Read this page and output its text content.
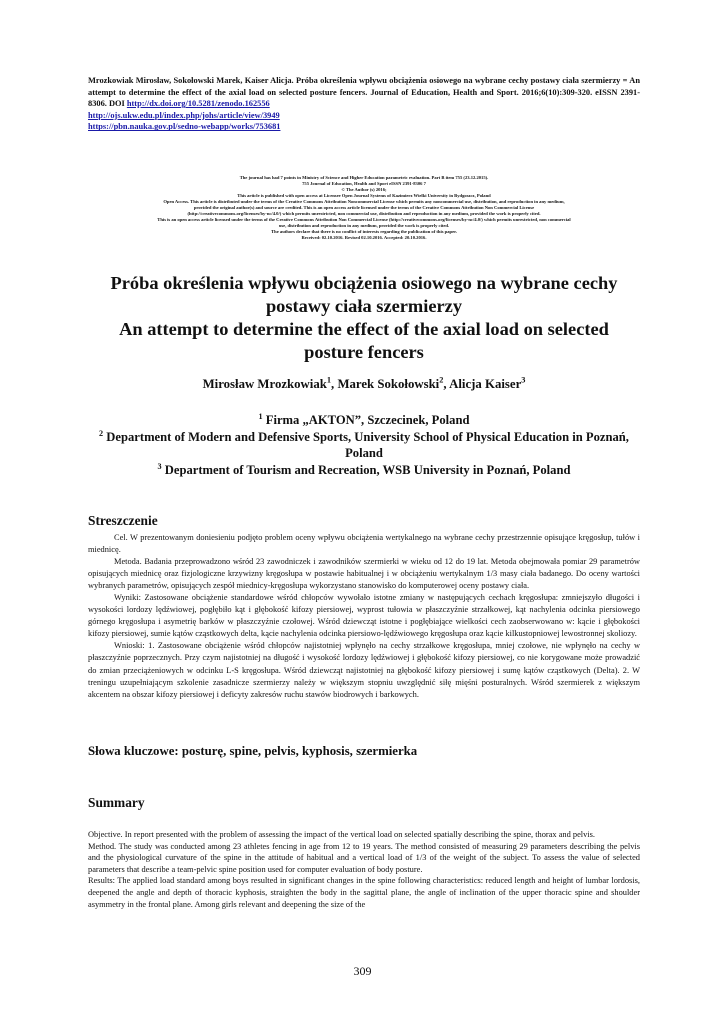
Mrozkowiak Mirosław, Sokołowski Marek, Kaiser Alicja. Próba określenia wpływu obciążenia osiowego na wybrane cechy postawy ciała szermierzy = An attempt to determine the effect of the axial load on selected posture fencers. Journal of Education, Health and Sport. 2016;6(10):309-320. eISSN 2391-8306. DOI http://dx.doi.org/10.5281/zenodo.162556
http://ojs.ukw.edu.pl/index.php/johs/article/view/3949
https://pbn.nauka.gov.pl/sedno-webapp/works/753681
The journal has had 7 points in Ministry of Science and Higher Education parametric evaluation. Part B item 755 (23.12.2015).
755 Journal of Education, Health and Sport eISSN 2391-8306 7
© The Author (s) 2016;
This article is published with open access at Licensee Open Journal Systems of Kazimierz Wielki University in Bydgoszcz, Poland
Open Access. This article is distributed under the terms of the Creative Commons Attribution Noncommercial License which permits any noncommercial use, distribution, and reproduction in any medium,
provided the original author(s) and source are credited. This is an open access article licensed under the terms of the Creative Commons Attribution Non Commercial License
(http://creativecommons.org/licenses/by-nc/4.0/) which permits unrestricted, non commercial use, distribution and reproduction in any medium, provided the work is properly cited.
This is an open access article licensed under the terms of the Creative Commons Attribution Non Commercial License (http://creativecommons.org/licenses/by-nc/4.0/) which permits unrestricted, non commercial
use, distribution and reproduction in any medium, provided the work is properly cited.
The authors declare that there is no conflict of interests regarding the publication of this paper.
Received: 02.10.2016. Revised 02.10.2016. Accepted: 20.10.2016.
Próba określenia wpływu obciążenia osiowego na wybrane cechy
postawy ciała szermierzy
An attempt to determine the effect of the axial load on selected
posture fencers
Mirosław Mrozkowiak$^1$, Marek Sokołowski$^2$, Alicja Kaiser$^3$
$^1$ Firma „AKTON”, Szczecinek, Poland
$^2$ Department of Modern and Defensive Sports, University School of Physical Education in Poznań, Poland
$^3$ Department of Tourism and Recreation, WSB University in Poznań, Poland
Streszczenie

Cel. W prezentowanym doniesieniu podjęto problem oceny wpływu obciążenia wertykalnego na wybrane cechy przestrzennie opisujące kręgosłup, tułów i miednicę.

Metoda. Badania przeprowadzono wśród 23 zawodniczek i zawodników szermierki w wieku od 12 do 19 lat. Metoda obejmowała pomiar 29 parametrów opisujących miednicę oraz fizjologiczne krzywizny kręgosłupa w postawie habitualnej i w obciążeniu wertykalnym 1/3 masy ciała badanego. Do oceny wartości wybranych parametrów, opisujących zespół miednicy-kręgosłupa wykorzystano stanowisko do komputerowej oceny postawy ciała.

Wyniki: Zastosowane obciążenie standardowe wśród chłopców wywołało istotne zmiany w następujących cechach kręgosłupa: zmniejszyło długości i wysokości lordozy lędźwiowej, pogłębiło kąt i głębokość kifozy piersiowej, wyprost tułowia w płaszczyźnie strzałkowej, kąt nachylenia odcinka piersiowego górnego kręgosłupa i asymetrię barków w płaszczyźnie czołowej. Wśród dziewcząt istotne i pogłębiające wielkości cech zaobserwowano w: kącie i głębokości kifozy piersiowej, sumie kątów cząstkowych delta, kącie nachylenia odcinka piersiowo-lędźwiowego kręgosłupa oraz kącie kilkustopniowej lewostronnej skoliozy.

Wnioski: 1. Zastosowane obciążenie wśród chłopców najistotniej wpłynęło na cechy strzałkowe kręgosłupa, mniej czołowe, nie wpłynęło na cechy w płaszczyźnie poprzecznych. Przy czym najistotniej na długość i wysokość lordozy lędźwiowej i głębokość kifozy piersiowej, co nie korygowane może prowadzić do zmian przeciążeniowych w odcinku L-S kręgosłupa. Wśród dziewcząt najistotniej na głębokość kifozy piersiowej i sumę kątów cząstkowych (Delta). 2. W treningu uzupełniającym szkolenie zasadnicze szermierzy należy w większym stopniu uwzględnić siłę mięśni posturalnych. Wśród szermierek z większym akcentem na obszar kifozy piersiowej i deficyty zakresów ruchu stawów biodrowych i barkowych.

Słowa kluczowe: posturę, spine, pelvis, kyphosis, szermierka
Summary

Objective. In report presented with the problem of assessing the impact of the vertical load on selected spatially describing the spine, thorax and pelvis.

Method. The study was conducted among 23 athletes fencing in age from 12 to 19 years. The method consisted of measuring 29 parameters describing the pelvis and the physiological curvature of the spine in the attitude of habitual and a vertical load of 1/3 of the weight of the subject. To assess the value of selected parameters that describe a team-pelvic spine position used for computer evaluation of body posture.

Results: The applied load standard among boys resulted in significant changes in the spine following characteristics: reduced length and height of lumbar lordosis, deepened the angle and depth of thoracic kyphosis, straighten the body in the sagittal plane, the angle of inclination of the upper thoracic spine and shoulder asymmetry in the frontal plane. Among girls relevant and deepening the size of the

309
